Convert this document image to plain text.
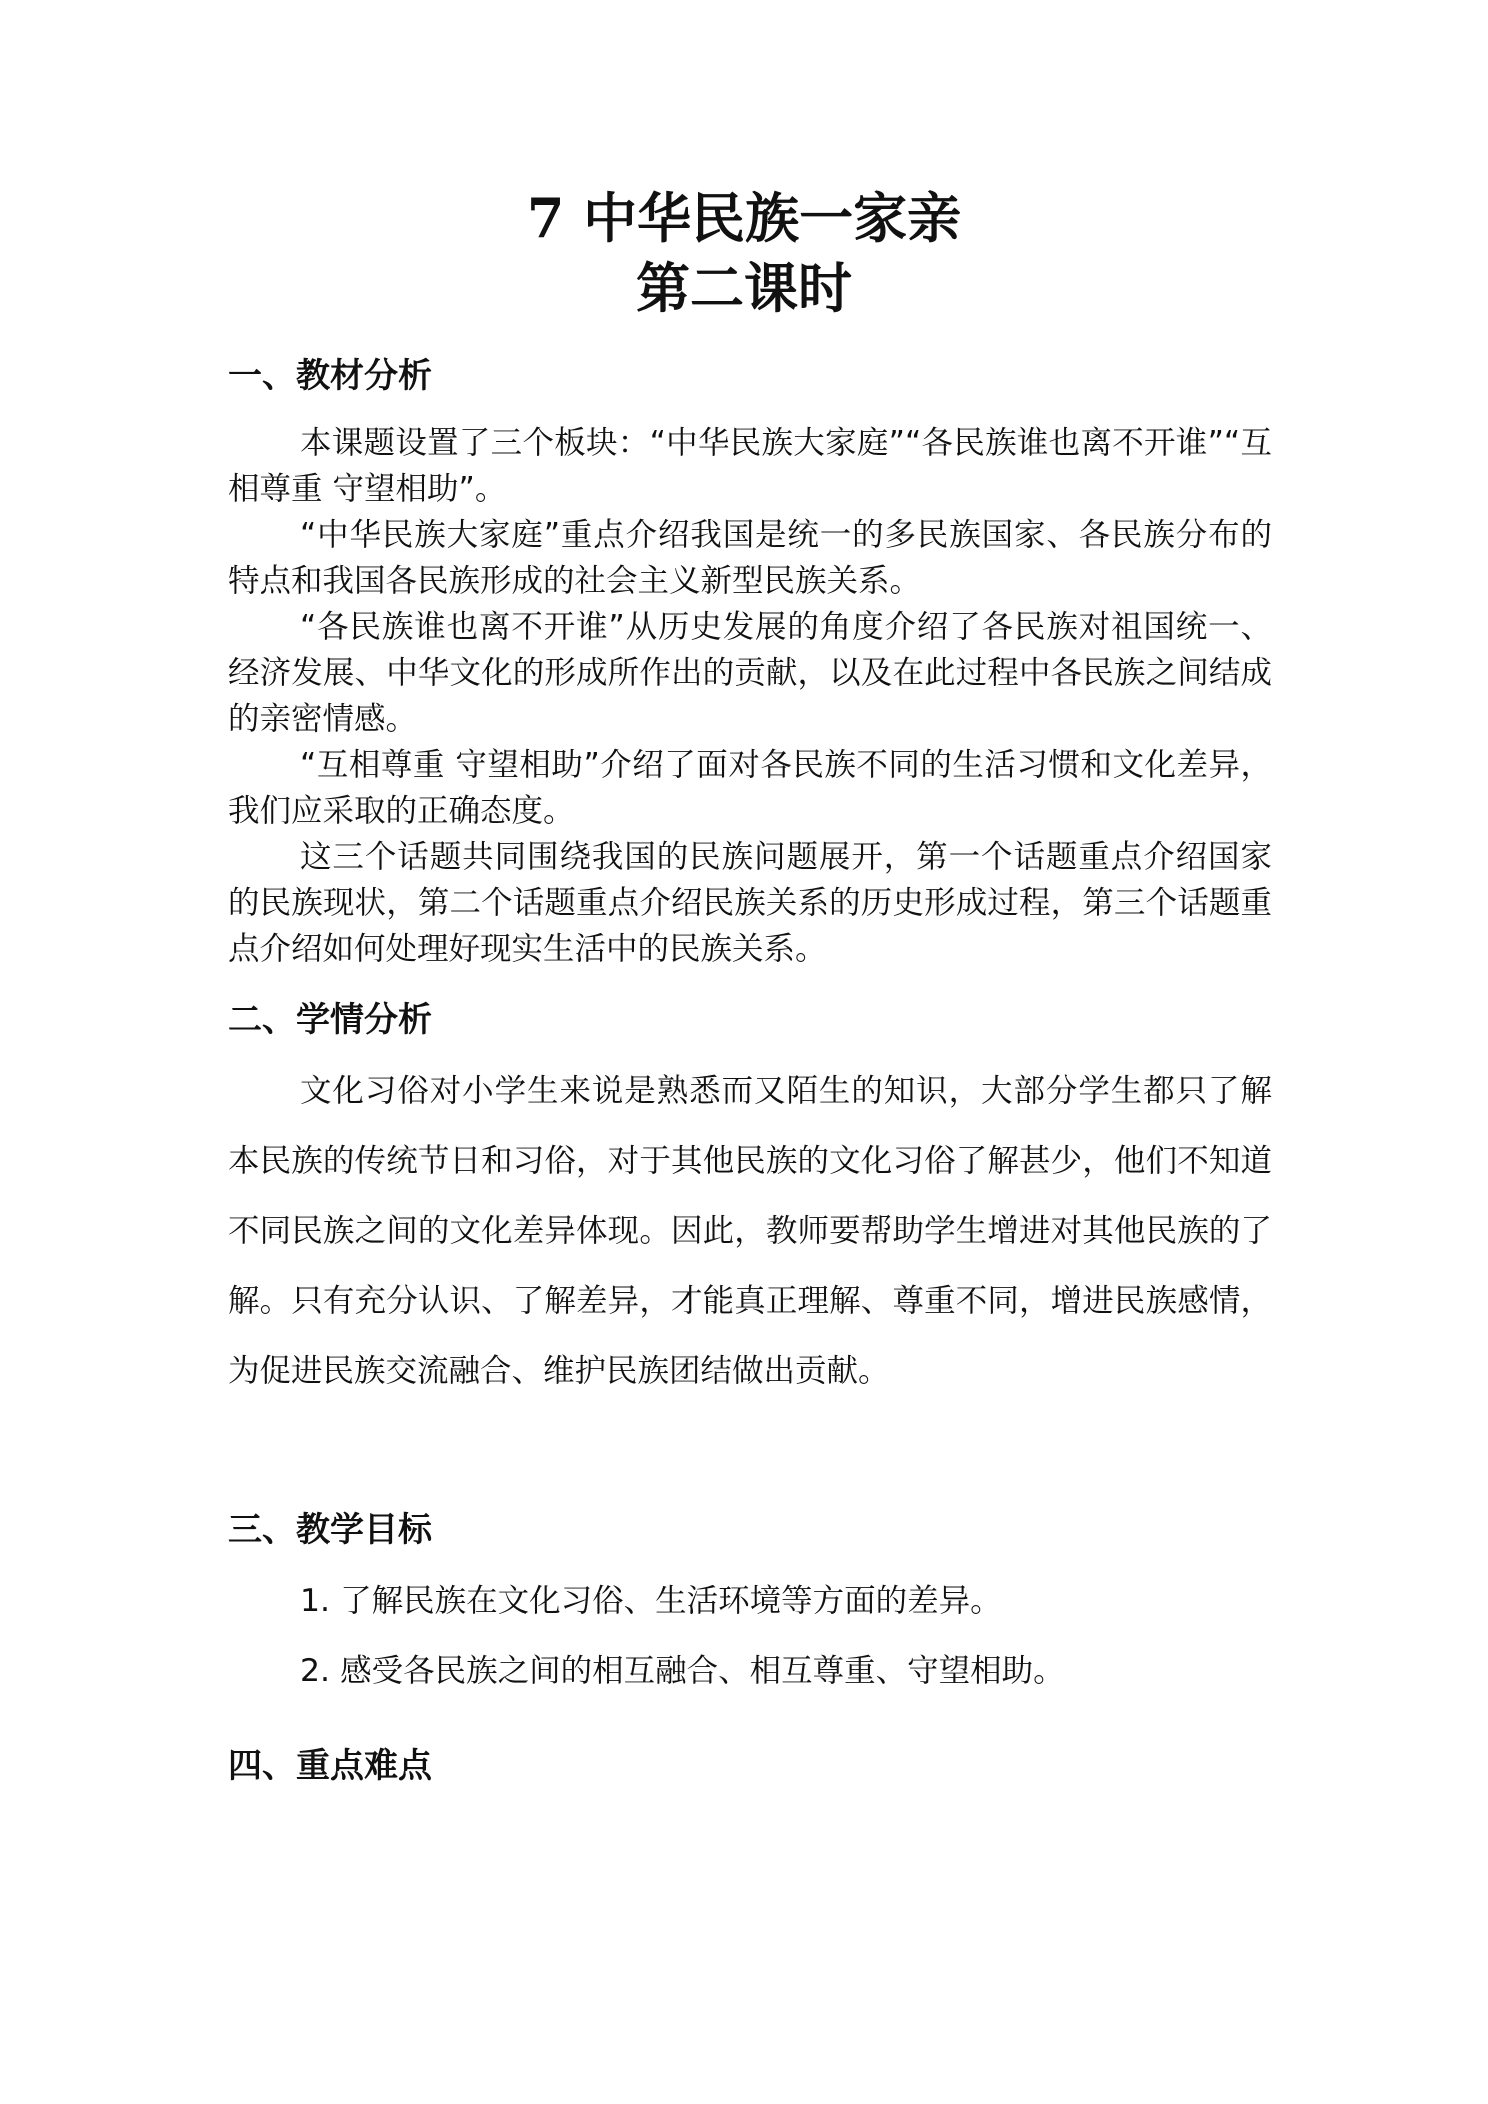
7 中华民族一家亲
第二课时
一、教材分析
本课题设置了三个板块：“中华民族大家庭”“各民族谁也离不开谁”“互相尊重 守望相助”。
“中华民族大家庭”重点介绍我国是统一的多民族国家、各民族分布的特点和我国各民族形成的社会主义新型民族关系。
“各民族谁也离不开谁”从历史发展的角度介绍了各民族对祖国统一、经济发展、中华文化的形成所作出的贡献，以及在此过程中各民族之间结成的亲密情感。
“互相尊重 守望相助”介绍了面对各民族不同的生活习惯和文化差异，我们应采取的正确态度。
这三个话题共同围绕我国的民族问题展开，第一个话题重点介绍国家的民族现状，第二个话题重点介绍民族关系的历史形成过程，第三个话题重点介绍如何处理好现实生活中的民族关系。
二、学情分析
文化习俗对小学生来说是熟悉而又陌生的知识，大部分学生都只了解本民族的传统节日和习俗，对于其他民族的文化习俗了解甚少，他们不知道不同民族之间的文化差异体现。因此，教师要帮助学生增进对其他民族的了解。只有充分认识、了解差异，才能真正理解、尊重不同，增进民族感情，为促进民族交流融合、维护民族团结做出贡献。
三、教学目标
1. 了解民族在文化习俗、生活环境等方面的差异。
2. 感受各民族之间的相互融合、相互尊重、守望相助。
四、重点难点
